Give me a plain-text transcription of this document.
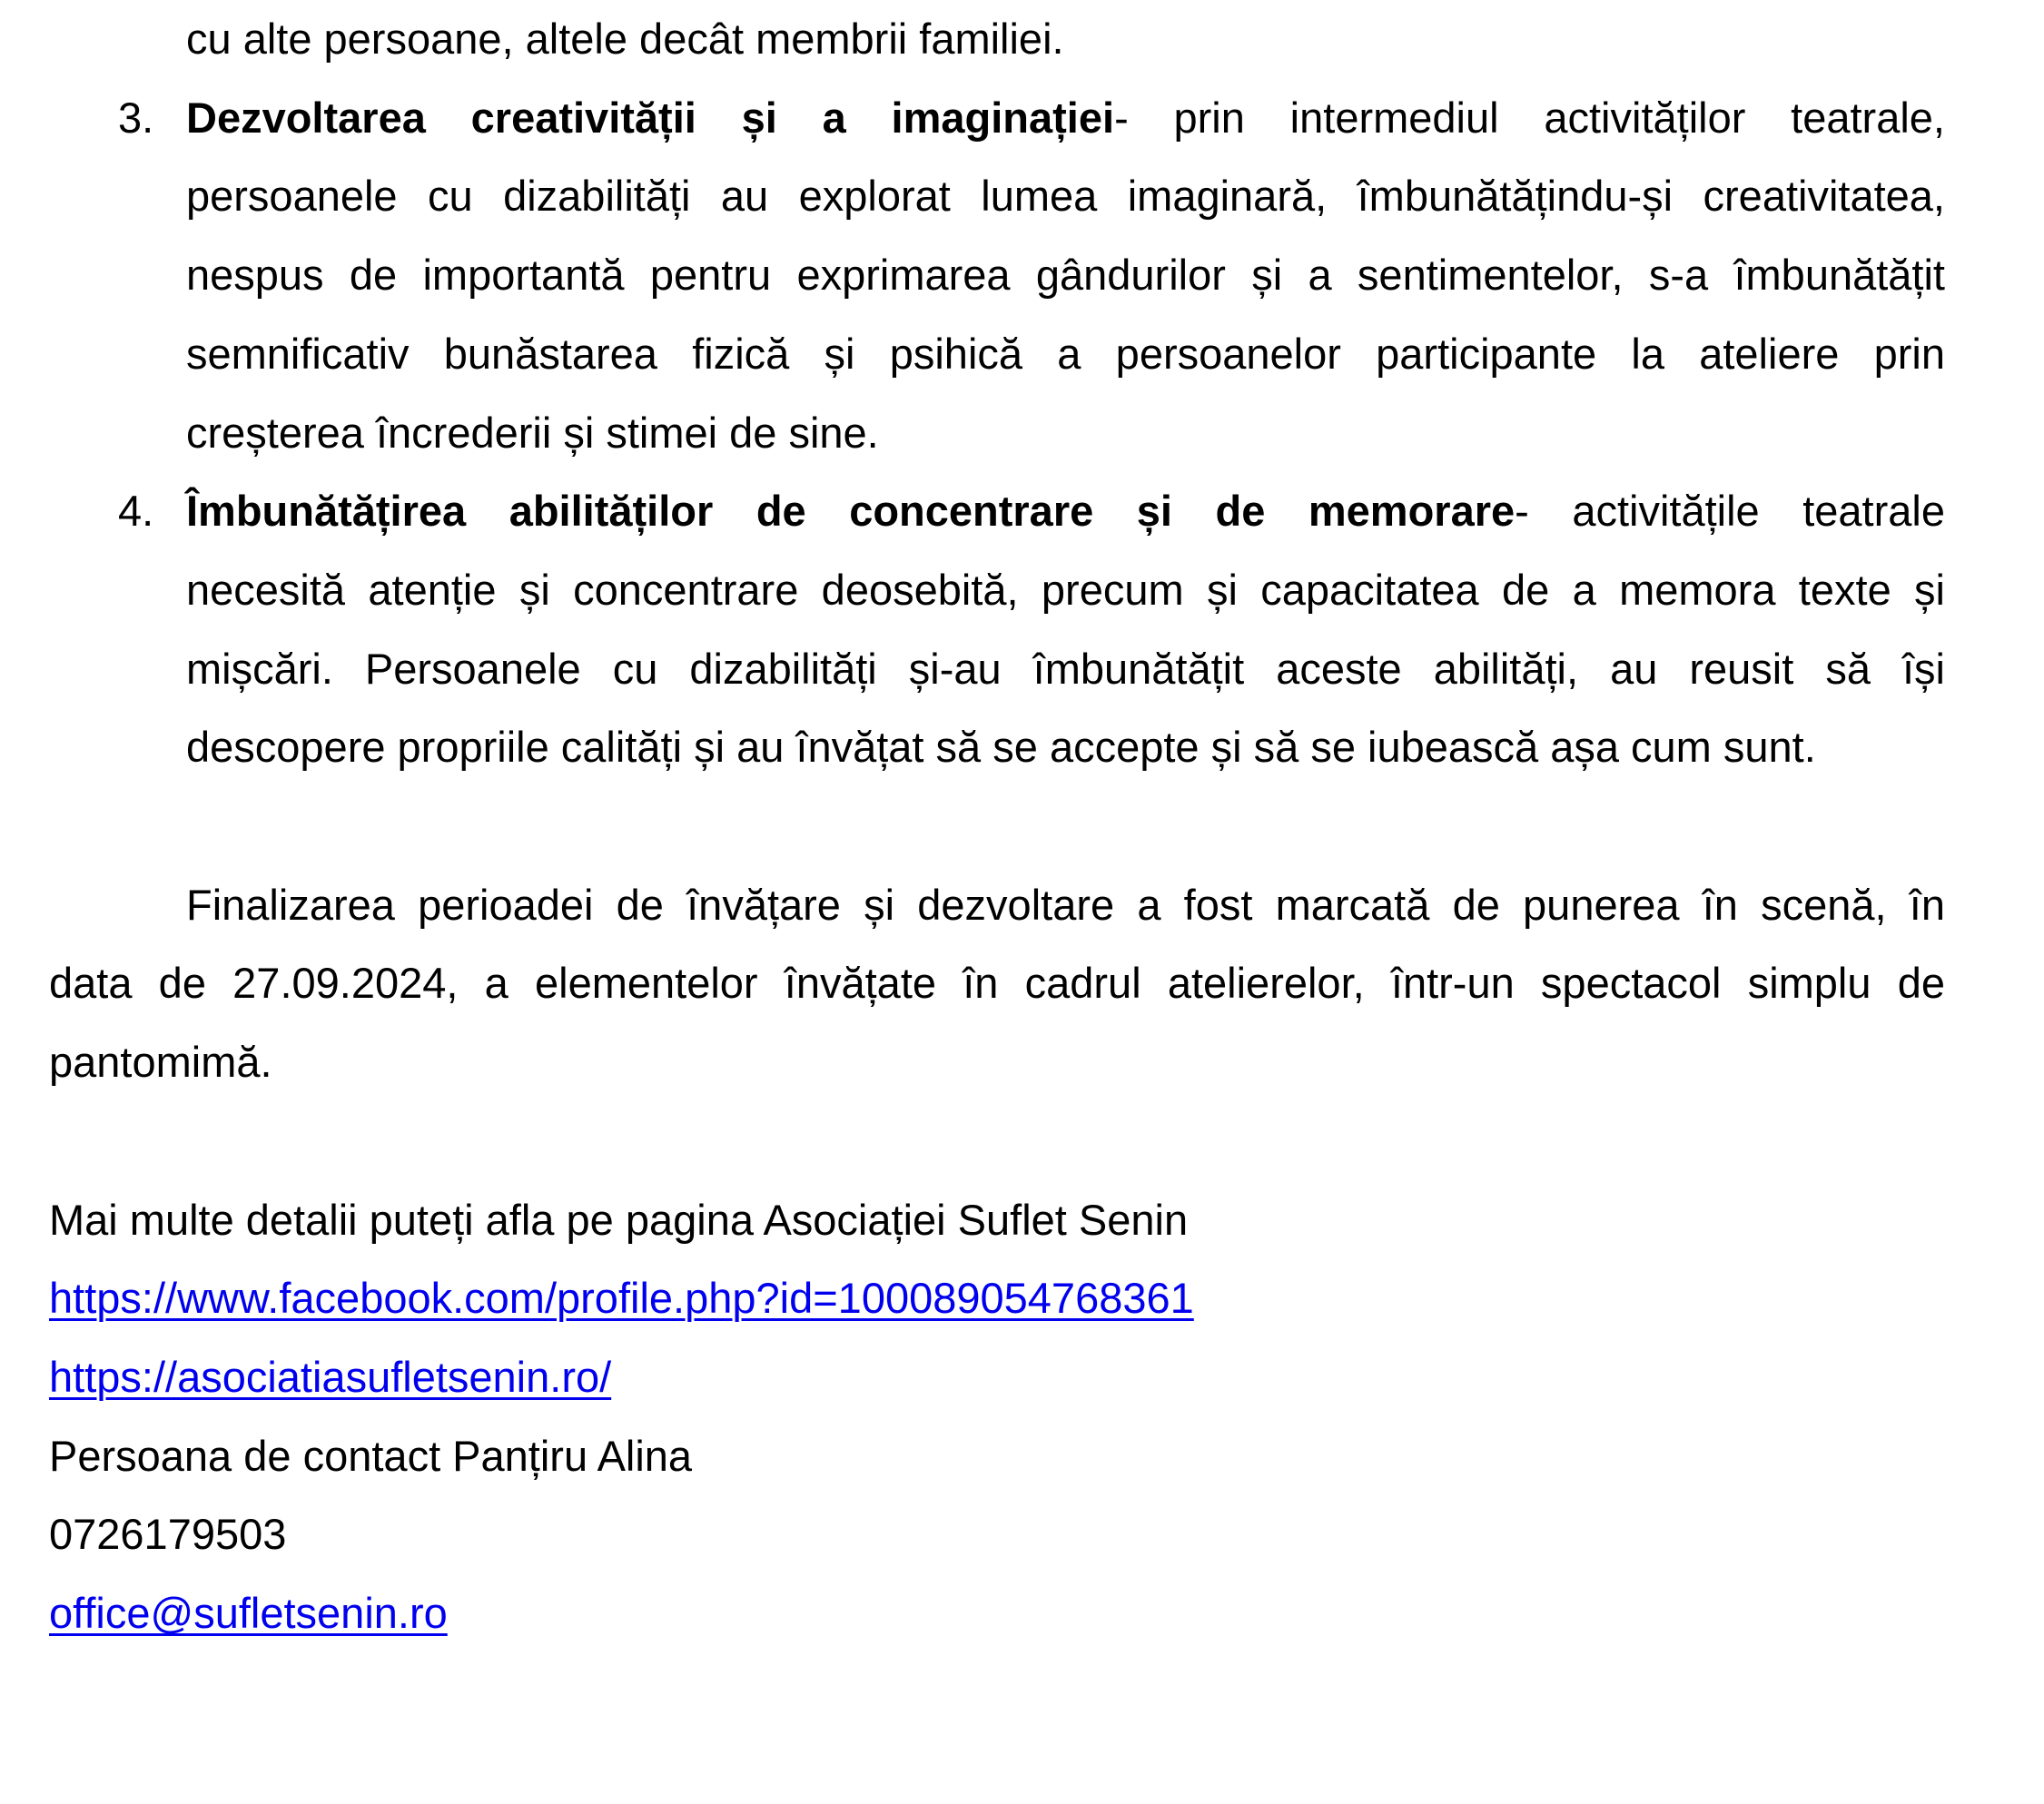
cu alte persoane, altele decât membrii familiei.
3. Dezvoltarea creativității și a imaginației- prin intermediul activităților teatrale,
persoanele cu dizabilități au explorat lumea imaginară, îmbunătățindu-și creativitatea,
nespus de importantă pentru exprimarea gândurilor și a sentimentelor, s-a îmbunătățit
semnificativ bunăstarea fizică și psihică a persoanelor participante la ateliere prin
creșterea încrederii și stimei de sine.
4. Îmbunătățirea abilităților de concentrare și de memorare- activitățile teatrale
necesită atenție și concentrare deosebită, precum și capacitatea de a memora texte și
mișcări. Persoanele cu dizabilități și-au îmbunătățit aceste abilități, au reusit să își
descopere propriile calități și au învățat să se accepte și să se iubească așa cum sunt.
Finalizarea perioadei de învățare și dezvoltare a fost marcată de punerea în scenă, în
data de 27.09.2024, a elementelor învățate în cadrul atelierelor, într-un spectacol simplu de
pantomimă.
Mai multe detalii puteți afla pe pagina Asociației Suflet Senin
https://www.facebook.com/profile.php?id=100089054768361
https://asociatiasufletsenin.ro/
Persoana de contact Panțiru Alina
0726179503
office@sufletsenin.ro
